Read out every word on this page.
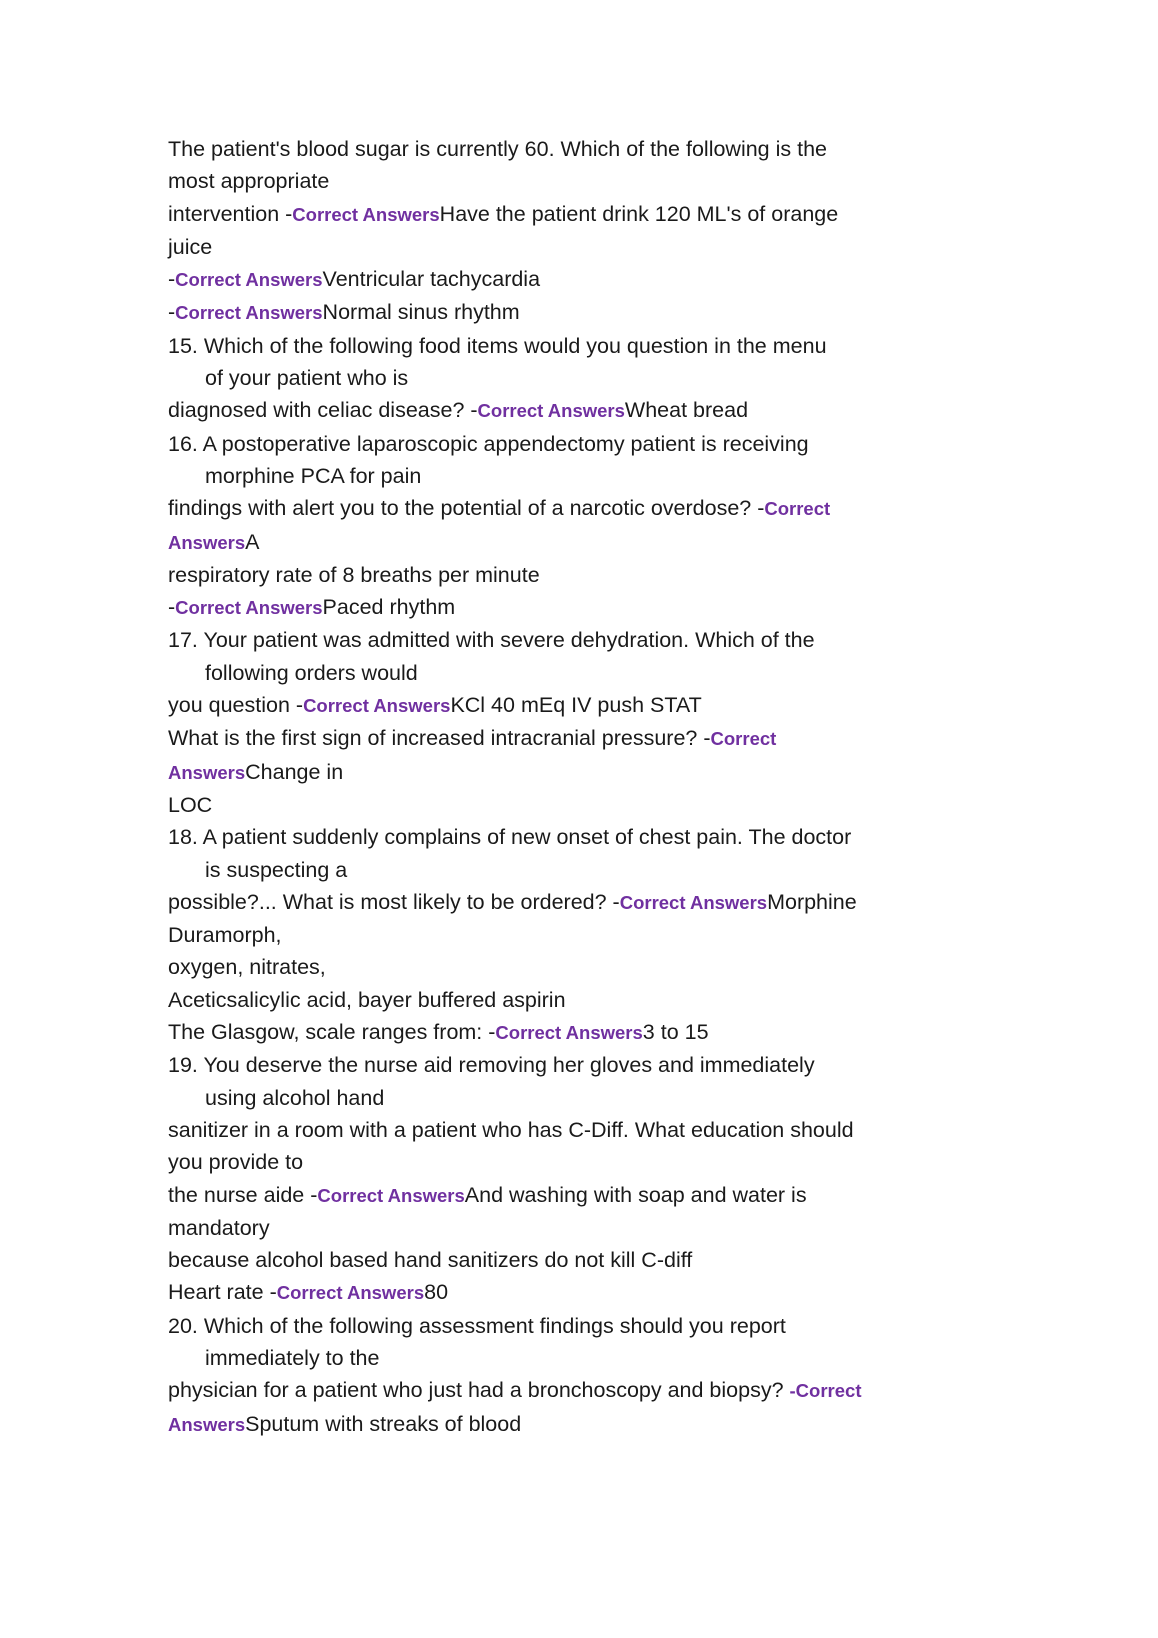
The patient's blood sugar is currently 60. Which of the following is the
most appropriate
intervention -Correct AnswersHave the patient drink 120 ML's of orange
juice
-Correct AnswersVentricular tachycardia
-Correct AnswersNormal sinus rhythm
15. Which of the following food items would you question in the menu
of your patient who is
diagnosed with celiac disease? -Correct AnswersWheat bread
16. A postoperative laparoscopic appendectomy patient is receiving
morphine PCA for pain
findings with alert you to the potential of a narcotic overdose? -Correct
AnswersA
respiratory rate of 8 breaths per minute
-Correct AnswersPaced rhythm
17. Your patient was admitted with severe dehydration. Which of the
following orders would
you question -Correct AnswersKCl 40 mEq IV push STAT
What is the first sign of increased intracranial pressure? -Correct
AnswersChange in
LOC
18. A patient suddenly complains of new onset of chest pain. The doctor
is suspecting a
possible?... What is most likely to be ordered? -Correct AnswersMorphine
Duramorph,
oxygen, nitrates,
Aceticsalicylic acid, bayer buffered aspirin
The Glasgow, scale ranges from: -Correct Answers3 to 15
19. You deserve the nurse aid removing her gloves and immediately
using alcohol hand
sanitizer in a room with a patient who has C-Diff. What education should
you provide to
the nurse aide -Correct AnswersAnd washing with soap and water is
mandatory
because alcohol based hand sanitizers do not kill C-diff
Heart rate -Correct Answers80
20. Which of the following assessment findings should you report
immediately to the
physician for a patient who just had a bronchoscopy and biopsy? -Correct
AnswersSputum with streaks of blood
